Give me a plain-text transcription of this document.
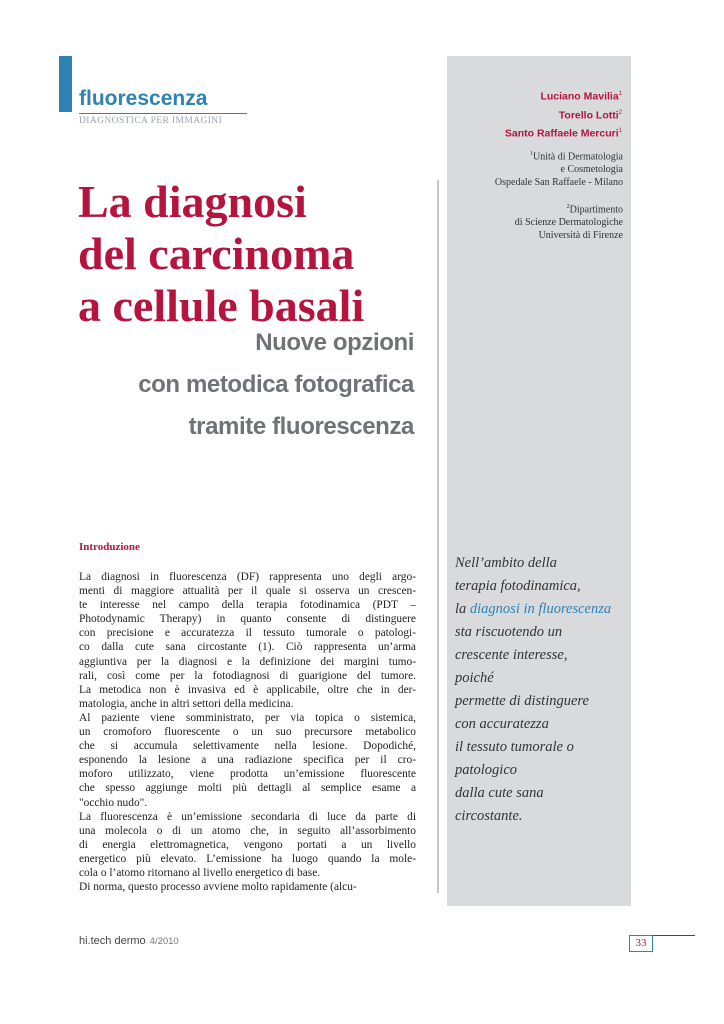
fluorescenza
DIAGNOSTICA PER IMMAGINI
La diagnosi
del carcinoma
a cellule basali
Nuove opzioni
con metodica fotografica
tramite fluorescenza
Luciano Mavilia$^1$
Torello Lotti$^2$
Santo Raffaele Mercuri$^1$
$^1$Unità di Dermatologia
e Cosmetologia
Ospedale San Raffaele - Milano
$^2$Dipartimento
di Scienze Dermatologiche
Università di Firenze
Nell’ambito della
terapia fotodinamica,
la diagnosi in fluorescenza
sta riscuotendo un
crescente interesse,
poiché
permette di distinguere
con accuratezza
il tessuto tumorale o
patologico
dalla cute sana
circostante.
Introduzione
La diagnosi in fluorescenza (DF) rappresenta uno degli argo-
menti di maggiore attualità per il quale si osserva un crescen-
te interesse nel campo della terapia fotodinamica (PDT –
Photodynamic Therapy) in quanto consente di distinguere
con precisione e accuratezza il tessuto tumorale o patologi-
co dalla cute sana circostante (1). Ciò rappresenta un’arma
aggiuntiva per la diagnosi e la definizione dei margini tumo-
rali, così come per la fotodiagnosi di guarigione del tumore.
La metodica non è invasiva ed è applicabile, oltre che in der-
matologia, anche in altri settori della medicina.
Al paziente viene somministrato, per via topica o sistemica,
un cromoforo fluorescente o un suo precursore metabolico
che si accumula selettivamente nella lesione. Dopodiché,
esponendo la lesione a una radiazione specifica per il cro-
moforo utilizzato, viene prodotta un’emissione fluorescente
che spesso aggiunge molti più dettagli al semplice esame a
"occhio nudo".
La fluorescenza è un’emissione secondaria di luce da parte di
una molecola o di un atomo che, in seguito all’assorbimento
di energia elettromagnetica, vengono portati a un livello
energetico più elevato. L’emissione ha luogo quando la mole-
cola o l’atomo ritornano al livello energetico di base.
Di norma, questo processo avviene molto rapidamente (alcu-
hi.tech dermo 4/2010	33
